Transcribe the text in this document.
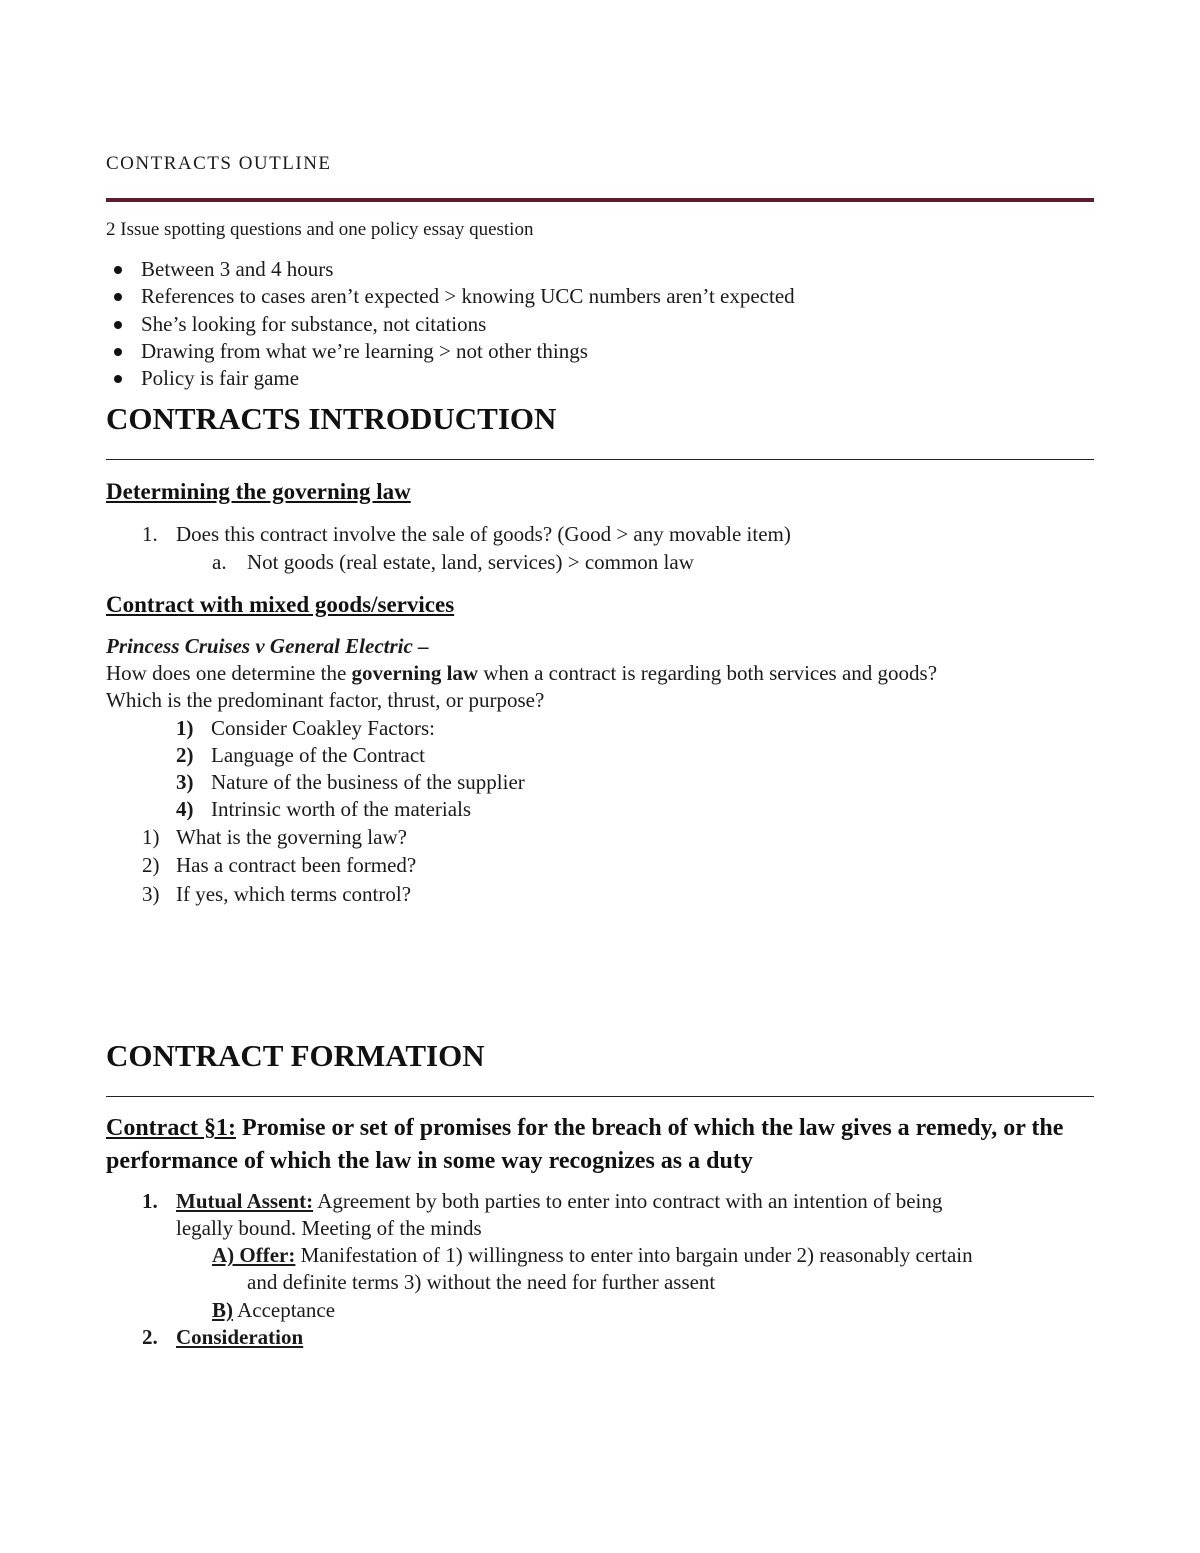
CONTRACTS OUTLINE
2 Issue spotting questions and one policy essay question
Between 3 and 4 hours
References to cases aren’t expected > knowing UCC numbers aren’t expected
She’s looking for substance, not citations
Drawing from what we’re learning > not other things
Policy is fair game
CONTRACTS INTRODUCTION
Determining the governing law
1. Does this contract involve the sale of goods? (Good > any movable item)
a. Not goods (real estate, land, services) > common law
Contract with mixed goods/services
Princess Cruises v General Electric –
How does one determine the governing law when a contract is regarding both services and goods?
Which is the predominant factor, thrust, or purpose?
1) Consider Coakley Factors:
2) Language of the Contract
3) Nature of the business of the supplier
4) Intrinsic worth of the materials
1) What is the governing law?
2) Has a contract been formed?
3) If yes, which terms control?
CONTRACT FORMATION
Contract §1: Promise or set of promises for the breach of which the law gives a remedy, or the performance of which the law in some way recognizes as a duty
1. Mutual Assent: Agreement by both parties to enter into contract with an intention of being
legally bound. Meeting of the minds
A) Offer: Manifestation of 1) willingness to enter into bargain under 2) reasonably certain
and definite terms 3) without the need for further assent
B) Acceptance
2. Consideration
